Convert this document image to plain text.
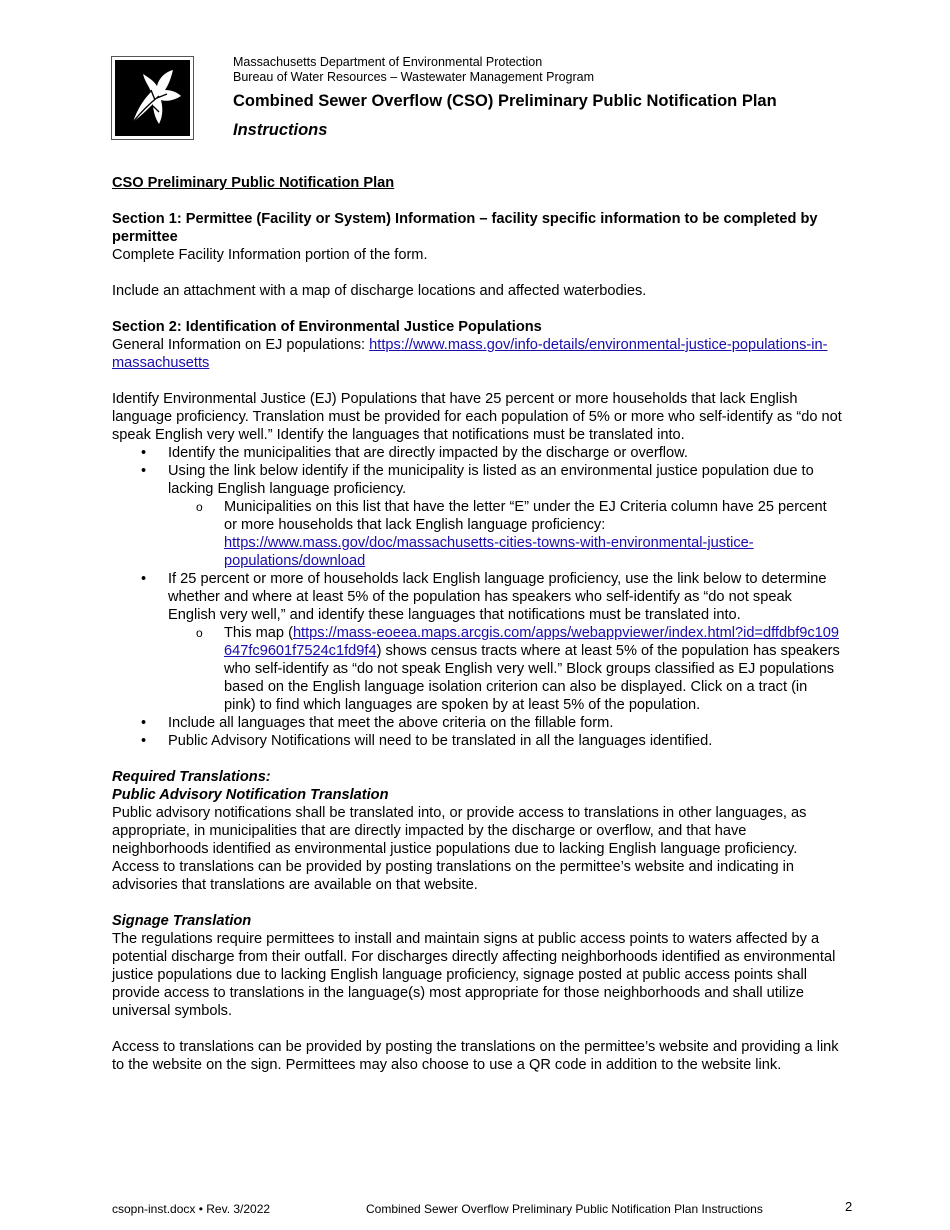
Massachusetts Department of Environmental Protection

Bureau of Water Resources – Wastewater Management Program

Combined Sewer Overflow (CSO) Preliminary Public Notification Plan

Instructions

CSO Preliminary Public Notification Plan

Section 1: Permittee (Facility or System) Information – facility specific information to be completed by permittee

Complete Facility Information portion of the form.

Include an attachment with a map of discharge locations and affected waterbodies.

Section 2: Identification of Environmental Justice Populations

General Information on EJ populations: https://www.mass.gov/info-details/environmental-justice-populations-in-massachusetts

Identify Environmental Justice (EJ) Populations that have 25 percent or more households that lack English language proficiency. Translation must be provided for each population of 5% or more who self-identify as “do not speak English very well.” Identify the languages that notifications must be translated into.

• Identify the municipalities that are directly impacted by the discharge or overflow.
• Using the link below identify if the municipality is listed as an environmental justice population due to lacking English language proficiency.
o Municipalities on this list that have the letter “E” under the EJ Criteria column have 25 percent or more households that lack English language proficiency: https://www.mass.gov/doc/massachusetts-cities-towns-with-environmental-justice-populations/download
• If 25 percent or more of households lack English language proficiency, use the link below to determine whether and where at least 5% of the population has speakers who self-identify as “do not speak English very well,” and identify these languages that notifications must be translated into.
o This map (https://mass-eoeea.maps.arcgis.com/apps/webappviewer/index.html?id=dffdbf9c109647fc9601f7524c1fd9f4) shows census tracts where at least 5% of the population has speakers who self-identify as “do not speak English very well.” Block groups classified as EJ populations based on the English language isolation criterion can also be displayed. Click on a tract (in pink) to find which languages are spoken by at least 5% of the population.
• Include all languages that meet the above criteria on the fillable form.
• Public Advisory Notifications will need to be translated in all the languages identified.

Required Translations:

Public Advisory Notification Translation

Public advisory notifications shall be translated into, or provide access to translations in other languages, as appropriate, in municipalities that are directly impacted by the discharge or overflow, and that have neighborhoods identified as environmental justice populations due to lacking English language proficiency. Access to translations can be provided by posting translations on the permittee’s website and indicating in advisories that translations are available on that website.

Signage Translation

The regulations require permittees to install and maintain signs at public access points to waters affected by a potential discharge from their outfall. For discharges directly affecting neighborhoods identified as environmental justice populations due to lacking English language proficiency, signage posted at public access points shall provide access to translations in the language(s) most appropriate for those neighborhoods and shall utilize universal symbols.

Access to translations can be provided by posting the translations on the permittee’s website and providing a link to the website on the sign. Permittees may also choose to use a QR code in addition to the website link.

csopn-inst.docx • Rev. 3/2022	Combined Sewer Overflow Preliminary Public Notification Plan Instructions	2
